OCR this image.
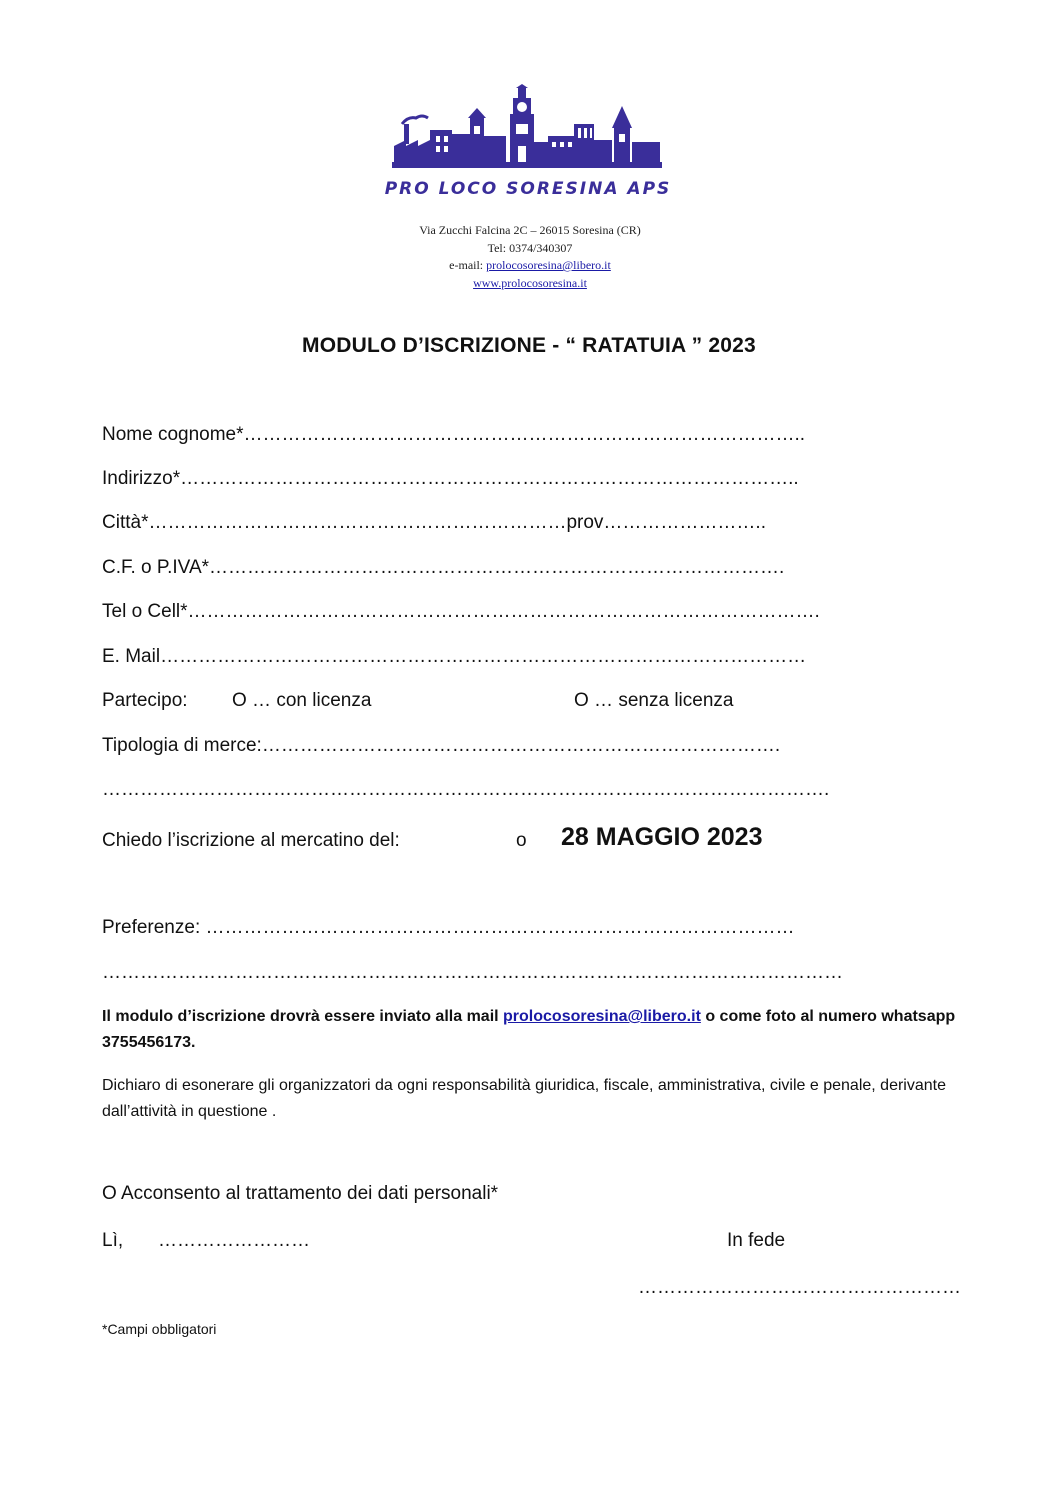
PRO LOCO SORESINA APS
Via Zucchi Falcina 2C – 26015 Soresina (CR)
Tel: 0374/340307
e-mail: prolocosoresina@libero.it
www.prolocosoresina.it
MODULO D’ISCRIZIONE - “ RATATUIA ” 2023
Nome cognome*……………………………………………………………………………..
Indirizzo*……………………………………………………………………………………..
Città*…………………………………………………………prov……………………..
C.F. o P.IVA*……………………………………………………………………………….
Tel o Cell*……………………………………………………………………………………….
E. Mail…………………………………………………………………………………………
Partecipo: O … con licenza	O … senza licenza
Tipologia di merce:……………………………………………………………………….
…………………………………………………………………………………………………….
Chiedo l’iscrizione al mercatino del:	o 28 MAGGIO 2023
Preferenze: …………………………………………………………………………………
………………………………………………………………………………………………………
Il modulo d’iscrizione drovrà essere inviato alla mail prolocosoresina@libero.it o come foto al numero whatsapp 3755456173.
Dichiaro di esonerare gli organizzatori da ogni responsabilità giuridica, fiscale, amministrativa, civile e penale, derivante dall’attività in questione .
O Acconsento al trattamento dei dati personali*
Lì, ……………………	In fede
……………………………………………
*Campi obbligatori
